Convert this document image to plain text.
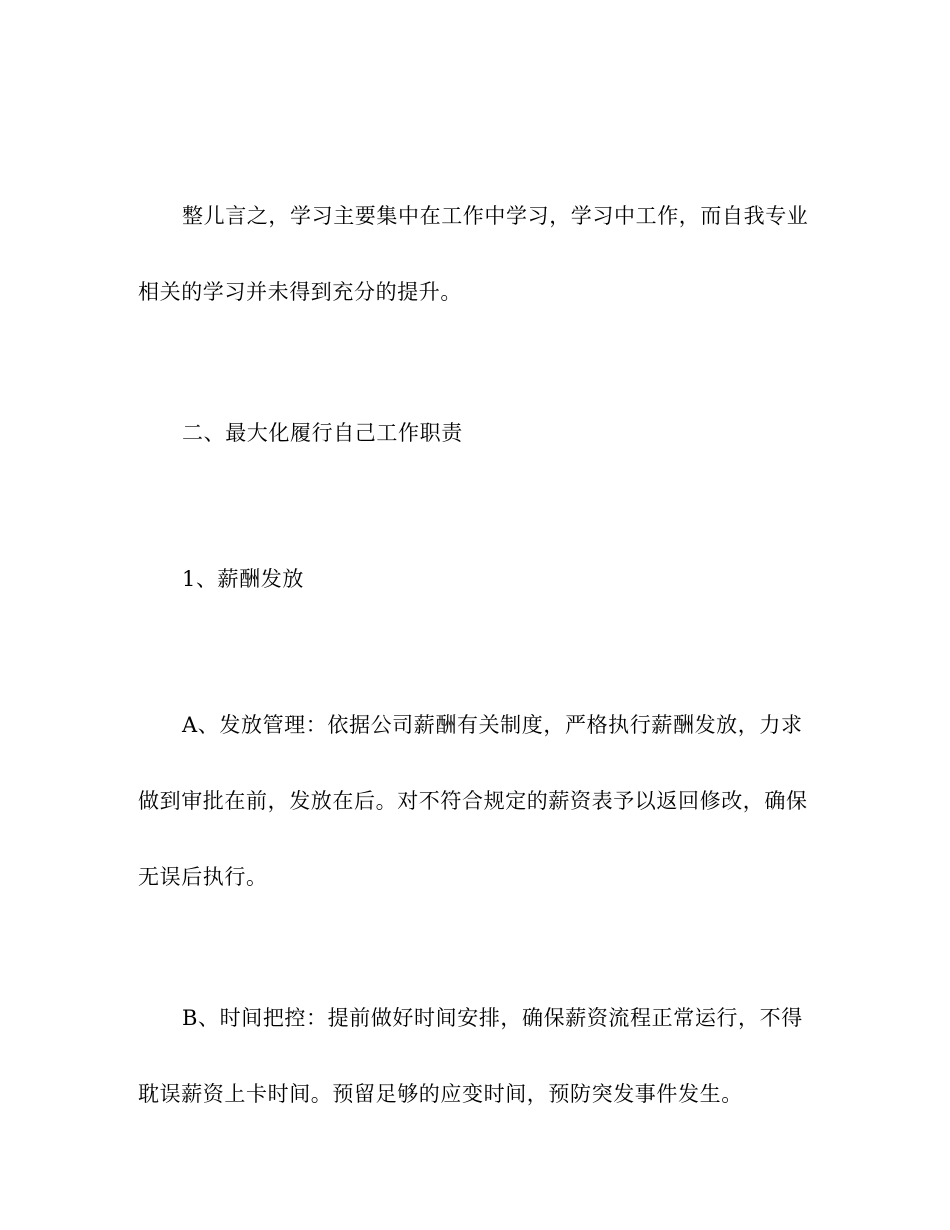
整儿言之，学习主要集中在工作中学习，学习中工作，而自我专业相关的学习并未得到充分的提升。

二、最大化履行自己工作职责

1、薪酬发放

A、发放管理：依据公司薪酬有关制度，严格执行薪酬发放，力求做到审批在前，发放在后。对不符合规定的薪资表予以返回修改，确保无误后执行。

B、时间把控：提前做好时间安排，确保薪资流程正常运行，不得耽误薪资上卡时间。预留足够的应变时间，预防突发事件发生。
